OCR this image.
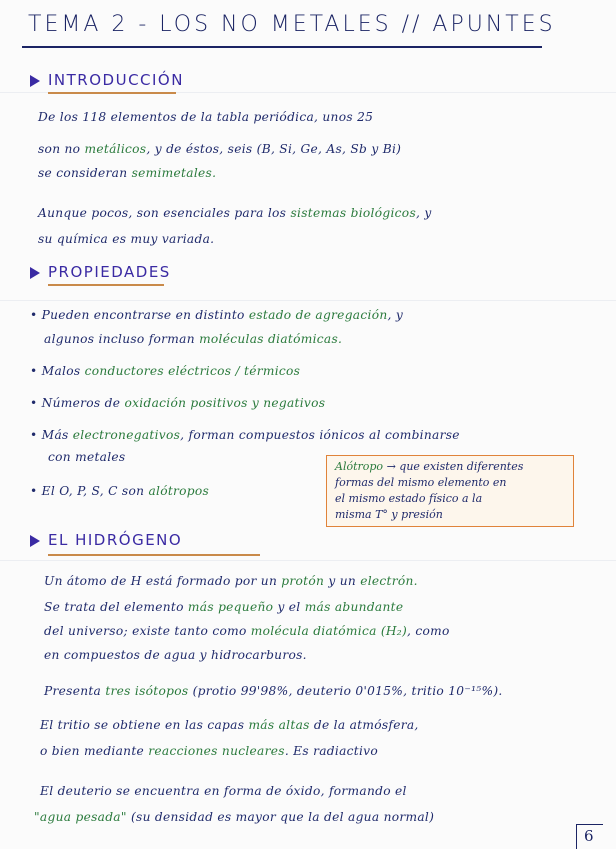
TEMA 2 - LOS NO METALES // APUNTES
INTRODUCCIÓN
De los 118 elementos de la tabla periódica, unos 25
son no metálicos, y de éstos, seis (B, Si, Ge, As, Sb y Bi)
se consideran semimetales.
Aunque pocos, son esenciales para los sistemas biológicos, y
su química es muy variada.
PROPIEDADES
• Pueden encontrarse en distinto estado de agregación, y
algunos incluso forman moléculas diatómicas.
• Malos conductores eléctricos / térmicos
• Números de oxidación positivos y negativos
• Más electronegativos, forman compuestos iónicos al combinarse
con metales
• El O, P, S, C son alótropos
Alótropo → que existen diferentes
formas del mismo elemento en
el mismo estado físico a la
misma T° y presión
EL HIDRÓGENO
Un átomo de H está formado por un protón y un electrón.
Se trata del elemento más pequeño y el más abundante
del universo; existe tanto como molécula diatómica (H₂), como
en compuestos de agua y hidrocarburos.
Presenta tres isótopos (protio 99'98%, deuterio 0'015%, tritio 10⁻¹⁵%).
El tritio se obtiene en las capas más altas de la atmósfera,
o bien mediante reacciones nucleares. Es radiactivo
El deuterio se encuentra en forma de óxido, formando el
"agua pesada" (su densidad es mayor que la del agua normal)
6
